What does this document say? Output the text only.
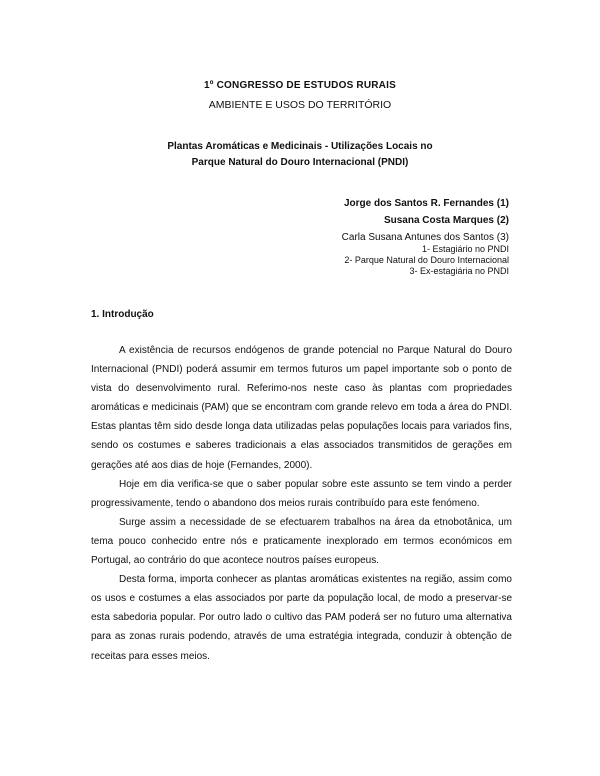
1º CONGRESSO DE ESTUDOS RURAIS
AMBIENTE E USOS DO TERRITÓRIO
Plantas Aromáticas e Medicinais - Utilizações Locais no
Parque Natural do Douro Internacional (PNDI)
Jorge dos Santos R. Fernandes (1)
Susana Costa Marques (2)
Carla Susana Antunes dos Santos (3)
1- Estagiário no PNDI
2- Parque Natural do Douro Internacional
3- Ex-estagiária no PNDI
1. Introdução

A existência de recursos endógenos de grande potencial no Parque Natural do Douro Internacional (PNDI) poderá assumir em termos futuros um papel importante sob o ponto de vista do desenvolvimento rural. Referimo-nos neste caso às plantas com propriedades aromáticas e medicinais (PAM) que se encontram com grande relevo em toda a área do PNDI. Estas plantas têm sido desde longa data utilizadas pelas populações locais para variados fins, sendo os costumes e saberes tradicionais a elas associados transmitidos de gerações em gerações até aos dias de hoje (Fernandes, 2000).

Hoje em dia verifica-se que o saber popular sobre este assunto se tem vindo a perder progressivamente, tendo o abandono dos meios rurais contribuído para este fenómeno.

Surge assim a necessidade de se efectuarem trabalhos na área da etnobotânica, um tema pouco conhecido entre nós e praticamente inexplorado em termos económicos em Portugal, ao contrário do que acontece noutros países europeus.

Desta forma, importa conhecer as plantas aromáticas existentes na região, assim como os usos e costumes a elas associados por parte da população local, de modo a preservar-se esta sabedoria popular. Por outro lado o cultivo das PAM poderá ser no futuro uma alternativa para as zonas rurais podendo, através de uma estratégia integrada, conduzir à obtenção de receitas para esses meios.
